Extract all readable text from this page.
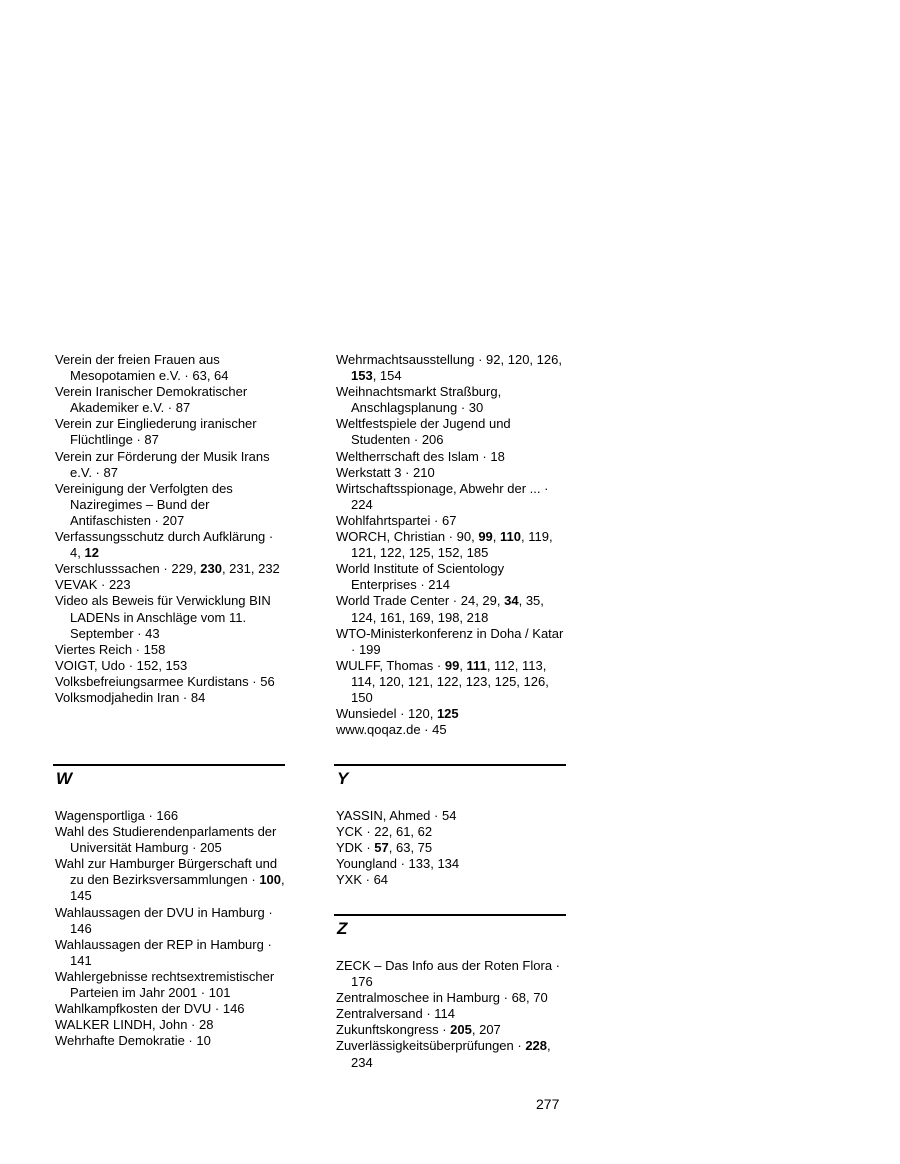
Verein der freien Frauen aus Mesopotamien e.V. · 63, 64

Verein Iranischer Demokratischer Akademiker e.V. · 87

Verein zur Eingliederung iranischer Flüchtlinge · 87

Verein zur Förderung der Musik Irans e.V. · 87

Vereinigung der Verfolgten des Naziregimes – Bund der Antifaschisten · 207

Verfassungsschutz durch Aufklärung · 4, 12

Verschlusssachen · 229, 230, 231, 232

VEVAK · 223

Video als Beweis für Verwicklung BIN LADENs in Anschläge vom 11. September · 43

Viertes Reich · 158

VOIGT, Udo · 152, 153

Volksbefreiungsarmee Kurdistans · 56

Volksmodjahedin Iran · 84

Wehrmachtsausstellung · 92, 120, 126, 153, 154

Weihnachtsmarkt Straßburg, Anschlagsplanung · 30

Weltfestspiele der Jugend und Studenten · 206

Weltherrschaft des Islam · 18

Werkstatt 3 · 210

Wirtschaftsspionage, Abwehr der ... · 224

Wohlfahrtspartei · 67

WORCH, Christian · 90, 99, 110, 119, 121, 122, 125, 152, 185

World Institute of Scientology Enterprises · 214

World Trade Center · 24, 29, 34, 35, 124, 161, 169, 198, 218

WTO-Ministerkonferenz in Doha / Katar · 199

WULFF, Thomas · 99, 111, 112, 113, 114, 120, 121, 122, 123, 125, 126, 150

Wunsiedel · 120, 125

www.qoqaz.de · 45

W

Wagensportliga · 166

Wahl des Studierendenparlaments der Universität Hamburg · 205

Wahl zur Hamburger Bürgerschaft und zu den Bezirksversammlungen · 100, 145

Wahlaussagen der DVU in Hamburg · 146

Wahlaussagen der REP in Hamburg · 141

Wahlergebnisse rechtsextremistischer Parteien im Jahr 2001 · 101

Wahlkampfkosten der DVU · 146

WALKER LINDH, John · 28

Wehrhafte Demokratie · 10

Y

YASSIN, Ahmed · 54

YCK · 22, 61, 62

YDK · 57, 63, 75

Youngland · 133, 134

YXK · 64

Z

ZECK – Das Info aus der Roten Flora · 176

Zentralmoschee in Hamburg · 68, 70

Zentralversand · 114

Zukunftskongress · 205, 207

Zuverlässigkeitsüberprüfungen · 228, 234

277
